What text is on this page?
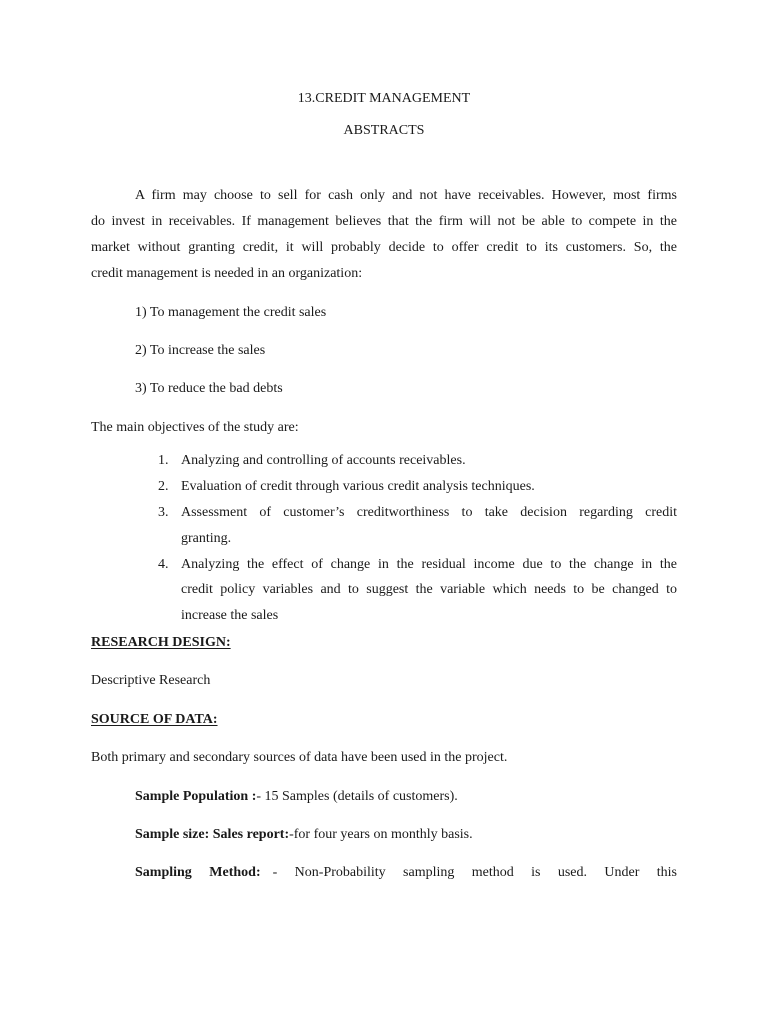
13.CREDIT MANAGEMENT
ABSTRACTS
A firm may choose to sell for cash only and not have receivables. However, most firms
do invest in receivables. If management believes that the firm will not be able to compete in the
market without granting credit, it will probably decide to offer credit to its customers. So, the
credit management is needed in an organization:
1) To management the credit sales
2) To increase the sales
3) To reduce the bad debts
The main objectives of the study are:
1. Analyzing and controlling of accounts receivables.
2. Evaluation of credit through various credit analysis techniques.
3. Assessment of customer’s creditworthiness to take decision regarding credit
granting.
4. Analyzing the effect of change in the residual income due to the change in the
credit policy variables and to suggest the variable which needs to be changed to
increase the sales
RESEARCH DESIGN:
Descriptive Research
SOURCE OF DATA:
Both primary and secondary sources of data have been used in the project.
Sample Population :- 15 Samples (details of customers).
Sample size: Sales report:-for four years on monthly basis.
Sampling Method: - Non-Probability sampling method is used. Under this
